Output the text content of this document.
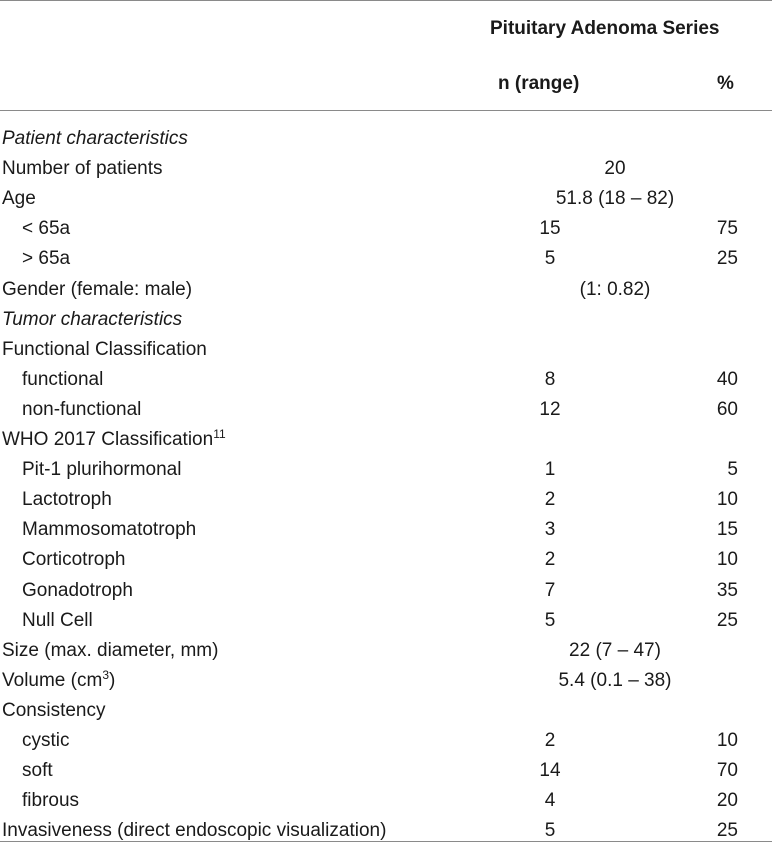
Pituitary Adenoma Series
n (range)	%
Patient characteristics
Number of patients	20
Age	51.8 (18 – 82)
< 65a	15	75
> 65a	5	25
Gender (female: male)	(1: 0.82)
Tumor characteristics
Functional Classification
functional	8	40
non-functional	12	60
WHO 2017 Classification$^{11}$
Pit-1 plurihormonal	1	5
Lactotroph	2	10
Mammosomatotroph	3	15
Corticotroph	2	10
Gonadotroph	7	35
Null Cell	5	25
Size (max. diameter, mm)	22 (7 – 47)
Volume $(cm^3)$	5.4 (0.1 – 38)
Consistency
cystic	2	10
soft	14	70
fibrous	4	20
Invasiveness (direct endoscopic visualization)	5	25
